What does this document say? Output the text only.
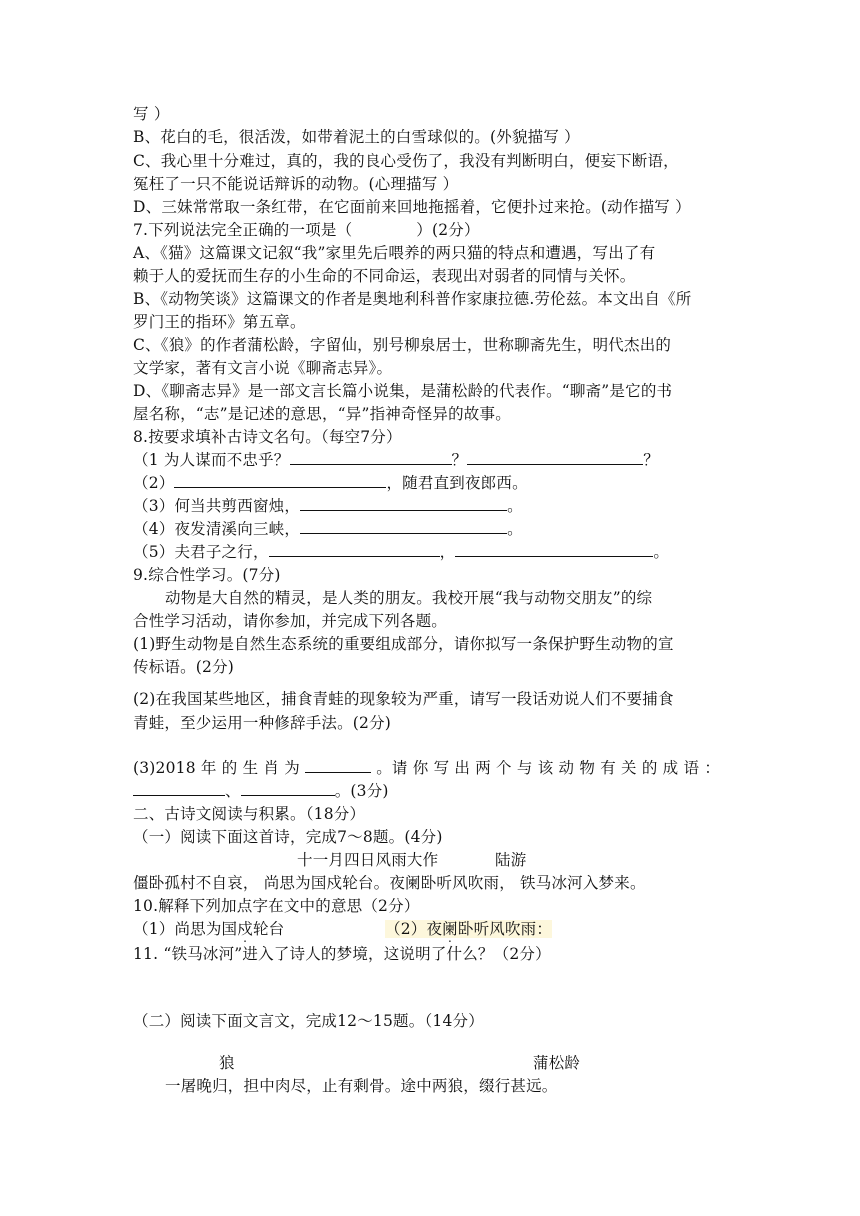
写 ）
B、花白的毛，很活泼，如带着泥土的白雪球似的。(外貌描写 ）
C、我心里十分难过，真的，我的良心受伤了，我没有判断明白，便妄下断语，
冤枉了一只不能说话辩诉的动物。(心理描写 ）
D、三妹常常取一条红带，在它面前来回地拖摇着，它便扑过来抢。(动作描写 ）
7.下列说法完全正确的一项是（	）(2分）
A、《猫》这篇课文记叙“我”家里先后喂养的两只猫的特点和遭遇，写出了有
赖于人的爱抚而生存的小生命的不同命运，表现出对弱者的同情与关怀。
B、《动物笑谈》这篇课文的作者是奥地利科普作家康拉德.劳伦兹。本文出自《所
罗门王的指环》第五章。
C、《狼》的作者蒲松龄，字留仙，别号柳泉居士，世称聊斋先生，明代杰出的
文学家，著有文言小说《聊斋志异》。
D、《聊斋志异》是一部文言长篇小说集，是蒲松龄的代表作。“聊斋”是它的书
屋名称，“志”是记述的意思，“异”指神奇怪异的故事。
8.按要求填补古诗文名句。（每空7分）
（1 为人谋而不忠乎？	？	？
（2）	，随君直到夜郎西。
（3）何当共剪西窗烛，	。
（4）夜发清溪向三峡，	。
（5）夫君子之行，	，	。
9.综合性学习。(7分)
动物是大自然的精灵，是人类的朋友。我校开展“我与动物交朋友”的综
合性学习活动，请你参加，并完成下列各题。
(1)野生动物是自然生态系统的重要组成部分，请你拟写一条保护野生动物的宣
传标语。(2分)
(2)在我国某些地区，捕食青蛙的现象较为严重，请写一段话劝说人们不要捕食
青蛙，至少运用一种修辞手法。(2分)
(3)2018 年 的 生 肖 为	。请 你 写 出 两 个 与 该 动 物 有 关 的 成 语 ：
、	。(3分)
二、古诗文阅读与积累。（18分）
（一）阅读下面这首诗，完成7～8题。(4分)
十一月四日风雨大作	陆游
僵卧孤村不自哀， 尚思为国戍轮台。夜阑卧听风吹雨， 铁马冰河入梦来。
10.解释下列加点字在文中的意思（2分）
（1）尚思为国戍轮台	（2）夜阑卧听风吹雨：
11. “铁马冰河”进入了诗人的梦境，这说明了什么？（2分）
（二）阅读下面文言文，完成12～15题。（14分）
狼	蒲松龄
一屠晚归，担中肉尽，止有剩骨。途中两狼，缀行甚远。
